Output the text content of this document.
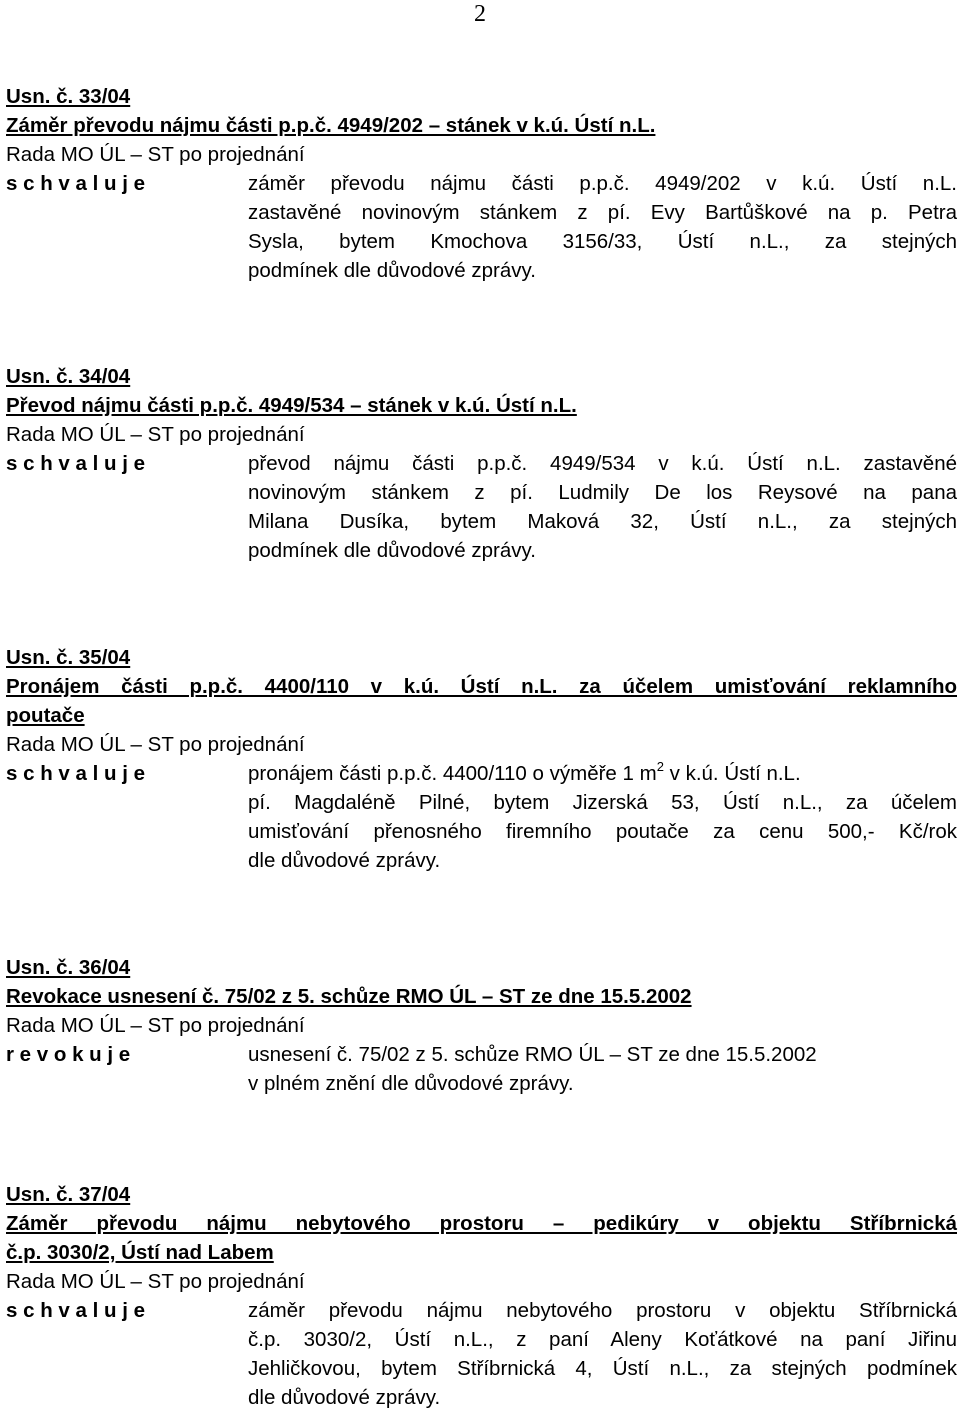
2
Usn. č. 33/04
Záměr převodu nájmu části p.p.č. 4949/202 – stánek v k.ú. Ústí n.L.
Rada MO ÚL – ST po projednání
s c h v a l u j e	záměr převodu nájmu části p.p.č. 4949/202 v k.ú. Ústí n.L.
zastavěné novinovým stánkem z pí. Evy Bartůškové na p. Petra
Sysla, bytem Kmochova 3156/33, Ústí n.L., za stejných
podmínek dle důvodové zprávy.
Usn. č. 34/04
Převod nájmu části p.p.č. 4949/534 – stánek v k.ú. Ústí n.L.
Rada MO ÚL – ST po projednání
s c h v a l u j e	převod nájmu části p.p.č. 4949/534 v k.ú. Ústí n.L. zastavěné
novinovým stánkem z pí. Ludmily De los Reysové na pana
Milana Dusíka, bytem Maková 32, Ústí n.L., za stejných
podmínek dle důvodové zprávy.
Usn. č. 35/04
Pronájem části p.p.č. 4400/110 v k.ú. Ústí n.L. za účelem umisťování reklamního
poutače
Rada MO ÚL – ST po projednání
s c h v a l u j e	pronájem části p.p.č. 4400/110 o výměře 1 $m^2$ v k.ú. Ústí n.L.
pí. Magdaléně Pilné, bytem Jizerská 53, Ústí n.L., za účelem
umisťování přenosného firemního poutače za cenu 500,- Kč/rok
dle důvodové zprávy.
Usn. č. 36/04
Revokace usnesení č. 75/02 z 5. schůze RMO ÚL – ST ze dne 15.5.2002
Rada MO ÚL – ST po projednání
r e v o k u j e	usnesení č. 75/02 z 5. schůze RMO ÚL – ST ze dne 15.5.2002
v plném znění dle důvodové zprávy.
Usn. č. 37/04
Záměr převodu nájmu nebytového prostoru – pedikúry v objektu Stříbrnická
č.p. 3030/2, Ústí nad Labem
Rada MO ÚL – ST po projednání
s c h v a l u j e	záměr převodu nájmu nebytového prostoru v objektu Stříbrnická
č.p. 3030/2, Ústí n.L., z paní Aleny Koťátkové na paní Jiřinu
Jehličkovou, bytem Stříbrnická 4, Ústí n.L., za stejných podmínek
dle důvodové zprávy.
